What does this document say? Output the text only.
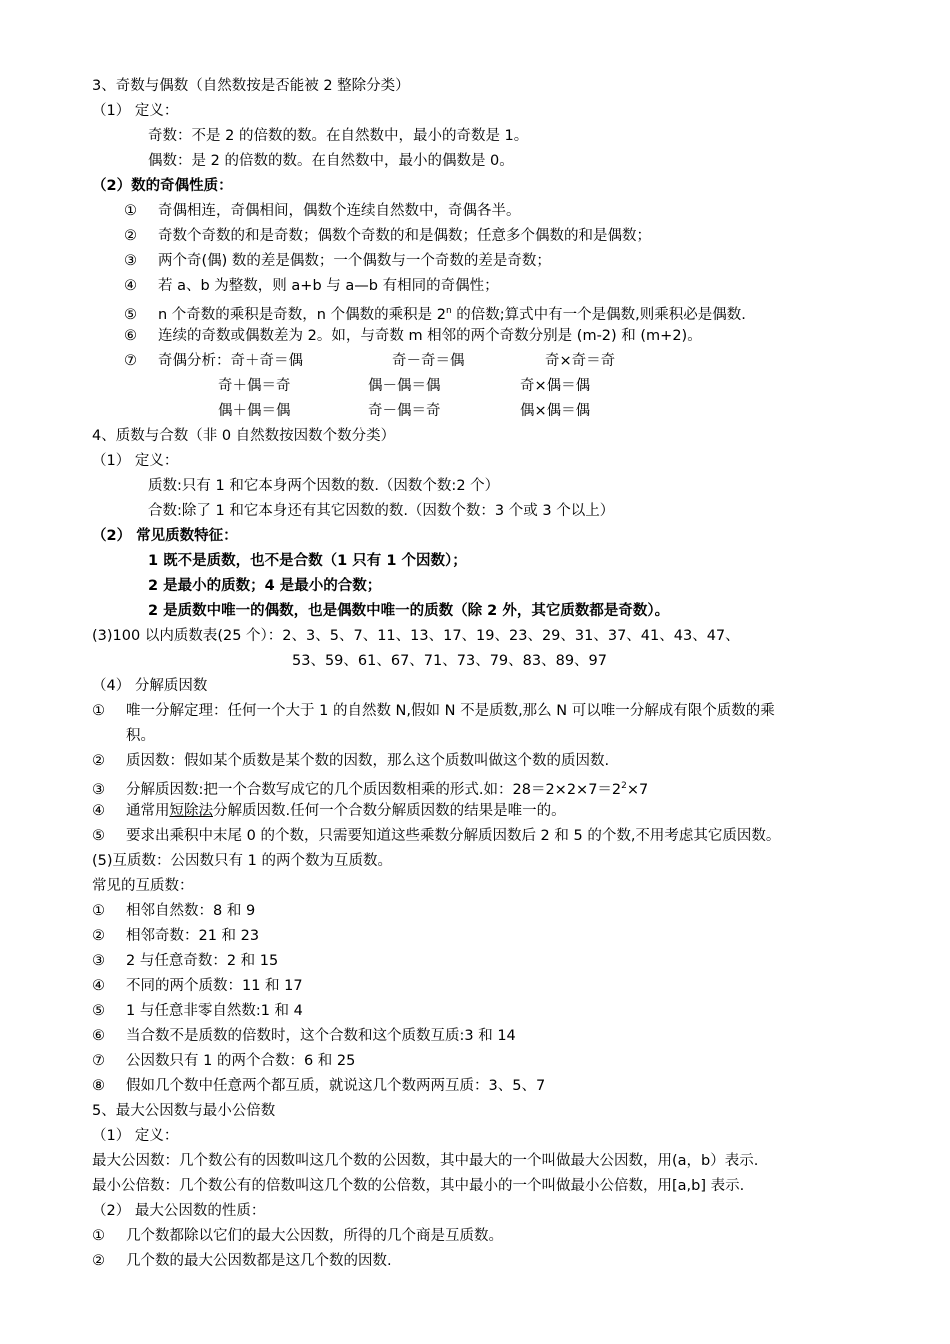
3、奇数与偶数（自然数按是否能被 2 整除分类）
（1） 定义：
奇数：不是 2 的倍数的数。在自然数中，最小的奇数是 1。
偶数：是 2 的倍数的数。在自然数中，最小的偶数是 0。
（2）数的奇偶性质：
① 奇偶相连，奇偶相间，偶数个连续自然数中，奇偶各半。
② 奇数个奇数的和是奇数；偶数个奇数的和是偶数；任意多个偶数的和是偶数；
③ 两个奇(偶) 数的差是偶数；一个偶数与一个奇数的差是奇数；
④ 若 a、b 为整数，则 a+b 与 a—b 有相同的奇偶性；
⑤ n 个奇数的乘积是奇数，n 个偶数的乘积是 2$^n$ 的倍数;算式中有一个是偶数,则乘积必是偶数.
⑥ 连续的奇数或偶数差为 2。如，与奇数 m 相邻的两个奇数分别是 (m-2) 和 (m+2)。
⑦ 奇偶分析：奇＋奇＝偶	奇－奇＝偶	奇×奇＝奇
奇＋偶＝奇	偶－偶＝偶	奇×偶＝偶
偶＋偶＝偶	奇－偶＝奇	偶×偶＝偶
4、质数与合数（非 0 自然数按因数个数分类）
（1） 定义：
质数:只有 1 和它本身两个因数的数.（因数个数:2 个）
合数:除了 1 和它本身还有其它因数的数.（因数个数：3 个或 3 个以上）
（2） 常见质数特征：
1 既不是质数，也不是合数（1 只有 1 个因数）；
2 是最小的质数；4 是最小的合数；
2 是质数中唯一的偶数，也是偶数中唯一的质数（除 2 外，其它质数都是奇数）。
(3)100 以内质数表(25 个）：2、3、5、7、11、13、17、19、23、29、31、37、41、43、47、
53、59、61、67、71、73、79、83、89、97
（4） 分解质因数
① 唯一分解定理：任何一个大于 1 的自然数 N,假如 N 不是质数,那么 N 可以唯一分解成有限个质数的乘
积。
② 质因数：假如某个质数是某个数的因数，那么这个质数叫做这个数的质因数.
③ 分解质因数:把一个合数写成它的几个质因数相乘的形式.如：$28=2\times 2\times 7=2^2\times 7$
④ 通常用短除法分解质因数.任何一个合数分解质因数的结果是唯一的。
⑤ 要求出乘积中末尾 0 的个数，只需要知道这些乘数分解质因数后 2 和 5 的个数,不用考虑其它质因数。
(5)互质数：公因数只有 1 的两个数为互质数。
常见的互质数：
① 相邻自然数：8 和 9
② 相邻奇数：21 和 23
③ 2 与任意奇数：2 和 15
④ 不同的两个质数：11 和 17
⑤ 1 与任意非零自然数:1 和 4
⑥ 当合数不是质数的倍数时，这个合数和这个质数互质:3 和 14
⑦ 公因数只有 1 的两个合数：6 和 25
⑧ 假如几个数中任意两个都互质，就说这几个数两两互质：3、5、7
5、最大公因数与最小公倍数
（1） 定义：
最大公因数：几个数公有的因数叫这几个数的公因数，其中最大的一个叫做最大公因数，用(a，b）表示.
最小公倍数：几个数公有的倍数叫这几个数的公倍数，其中最小的一个叫做最小公倍数，用[a,b] 表示.
（2） 最大公因数的性质：
① 几个数都除以它们的最大公因数，所得的几个商是互质数。
② 几个数的最大公因数都是这几个数的因数.
